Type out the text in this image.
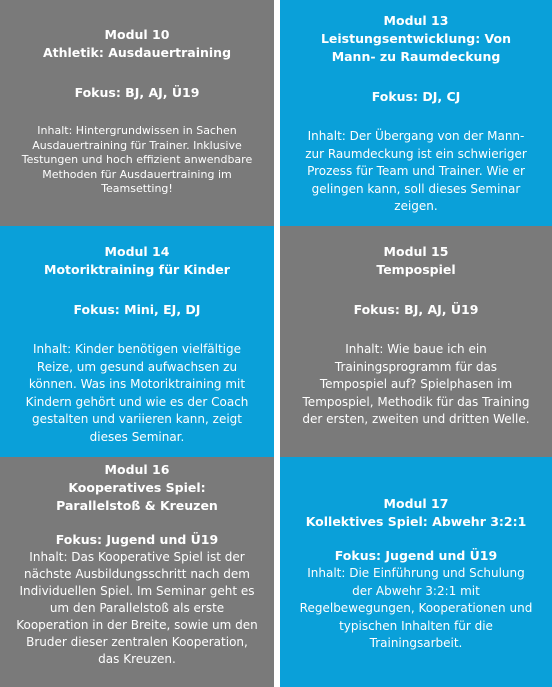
Modul 10

Athletik: Ausdauertraining

Fokus: BJ, AJ, Ü19

Inhalt: Hintergrundwissen in Sachen Ausdauertraining für Trainer. Inklusive Testungen und hoch effizient anwendbare Methoden für Ausdauertraining im Teamsetting!

Modul 13

Leistungsentwicklung: Von Mann- zu Raumdeckung

Fokus: DJ, CJ

Inhalt: Der Übergang von der Mann- zur Raumdeckung ist ein schwieriger Prozess für Team und Trainer. Wie er gelingen kann, soll dieses Seminar zeigen.

Modul 14

Motoriktraining für Kinder

Fokus: Mini, EJ, DJ

Inhalt: Kinder benötigen vielfältige Reize, um gesund aufwachsen zu können. Was ins Motoriktraining mit Kindern gehört und wie es der Coach gestalten und variieren kann, zeigt dieses Seminar.

Modul 15

Tempospiel

Fokus: BJ, AJ, Ü19

Inhalt: Wie baue ich ein Trainingsprogramm für das Tempospiel auf? Spielphasen im Tempospiel, Methodik für das Training der ersten, zweiten und dritten Welle.

Modul 16

Kooperatives Spiel: Parallelstoß & Kreuzen

Fokus: Jugend und Ü19

Inhalt: Das Kooperative Spiel ist der nächste Ausbildungsschritt nach dem Individuellen Spiel. Im Seminar geht es um den Parallelstoß als erste Kooperation in der Breite, sowie um den Bruder dieser zentralen Kooperation, das Kreuzen.

Modul 17

Kollektives Spiel: Abwehr 3:2:1

Fokus: Jugend und Ü19

Inhalt: Die Einführung und Schulung der Abwehr 3:2:1 mit Regelbewegungen, Kooperationen und typischen Inhalten für die Trainingsarbeit.
